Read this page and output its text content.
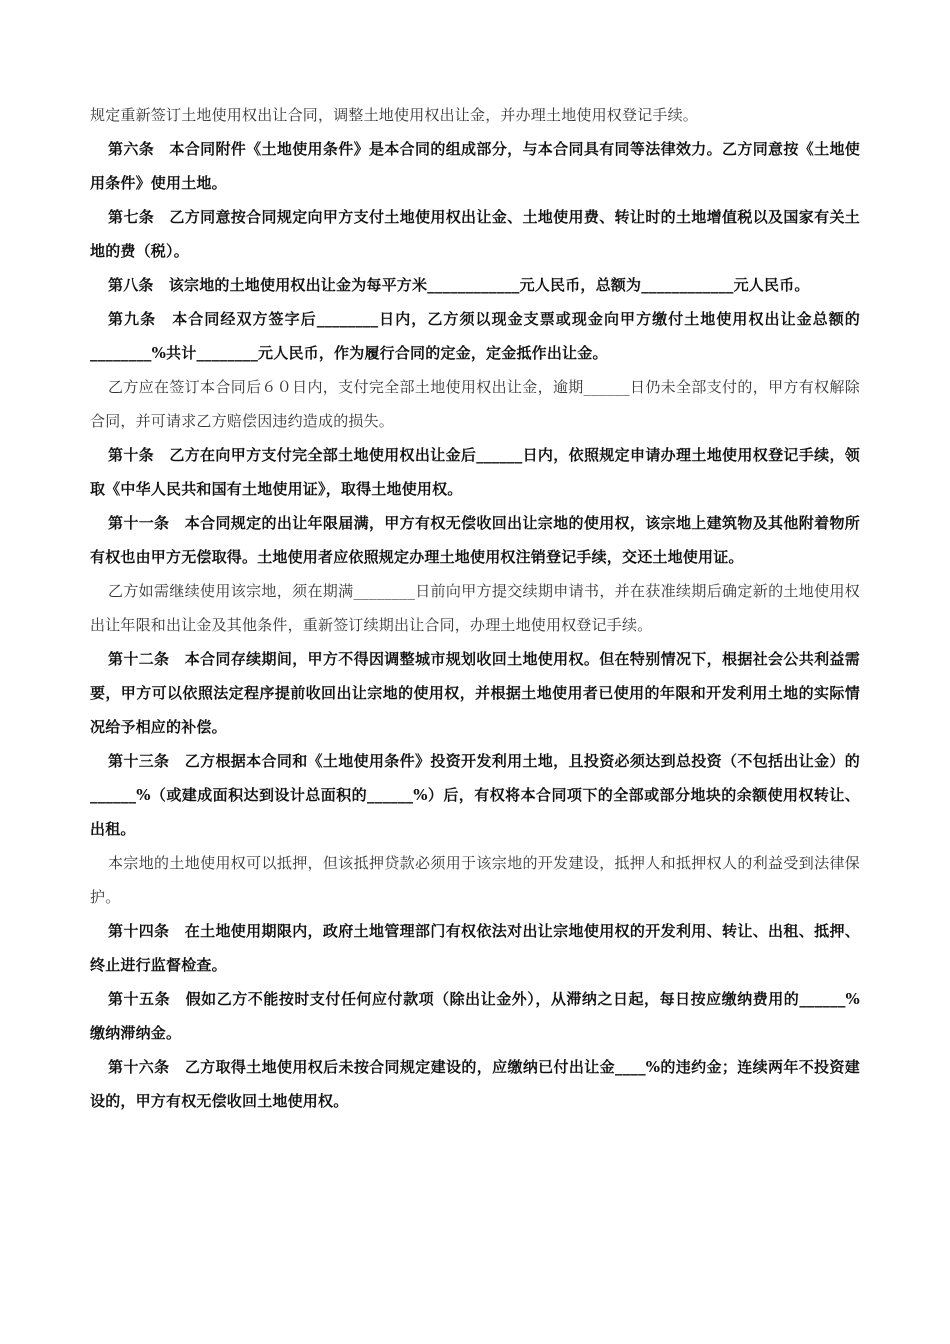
规定重新签订土地使用权出让合同，调整土地使用权出让金，并办理土地使用权登记手续。

第六条　本合同附件《土地使用条件》是本合同的组成部分，与本合同具有同等法律效力。乙方同意按《土地使用条件》使用土地。

第七条　乙方同意按合同规定向甲方支付土地使用权出让金、土地使用费、转让时的土地增值税以及国家有关土地的费（税）。

第八条　该宗地的土地使用权出让金为每平方米____________元人民币，总额为____________元人民币。

第九条　本合同经双方签字后________日内，乙方须以现金支票或现金向甲方缴付土地使用权出让金总额的________%共计________元人民币，作为履行合同的定金，定金抵作出让金。

乙方应在签订本合同后６０日内，支付完全部土地使用权出让金，逾期______日仍未全部支付的，甲方有权解除合同，并可请求乙方赔偿因违约造成的损失。

第十条　乙方在向甲方支付完全部土地使用权出让金后______日内，依照规定申请办理土地使用权登记手续，领取《中华人民共和国有土地使用证》，取得土地使用权。

第十一条　本合同规定的出让年限届满，甲方有权无偿收回出让宗地的使用权，该宗地上建筑物及其他附着物所有权也由甲方无偿取得。土地使用者应依照规定办理土地使用权注销登记手续，交还土地使用证。

乙方如需继续使用该宗地，须在期满________日前向甲方提交续期申请书，并在获准续期后确定新的土地使用权出让年限和出让金及其他条件，重新签订续期出让合同，办理土地使用权登记手续。

第十二条　本合同存续期间，甲方不得因调整城市规划收回土地使用权。但在特别情况下，根据社会公共利益需要，甲方可以依照法定程序提前收回出让宗地的使用权，并根据土地使用者已使用的年限和开发利用土地的实际情况给予相应的补偿。

第十三条　乙方根据本合同和《土地使用条件》投资开发利用土地，且投资必须达到总投资（不包括出让金）的______%（或建成面积达到设计总面积的______%）后，有权将本合同项下的全部或部分地块的余额使用权转让、出租。

本宗地的土地使用权可以抵押，但该抵押贷款必须用于该宗地的开发建设，抵押人和抵押权人的利益受到法律保护。

第十四条　在土地使用期限内，政府土地管理部门有权依法对出让宗地使用权的开发利用、转让、出租、抵押、终止进行监督检查。

第十五条　假如乙方不能按时支付任何应付款项（除出让金外），从滞纳之日起，每日按应缴纳费用的______%缴纳滞纳金。

第十六条　乙方取得土地使用权后未按合同规定建设的，应缴纳已付出让金____%的违约金；连续两年不投资建设的，甲方有权无偿收回土地使用权。
